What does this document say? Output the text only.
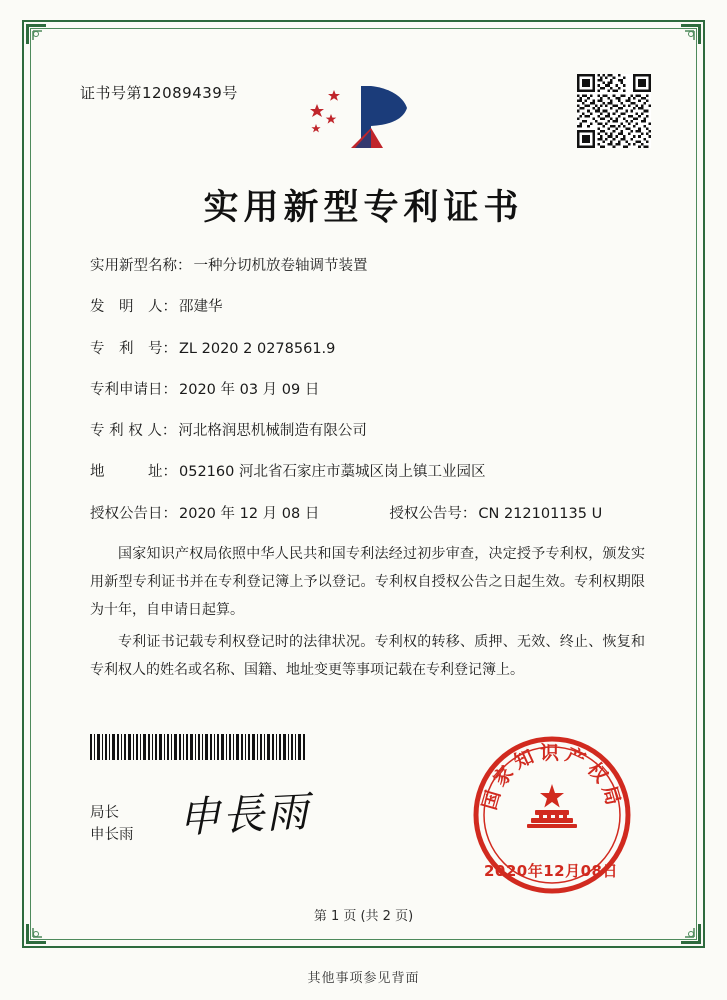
证书号第12089439号
实用新型专利证书
实用新型名称： 一种分切机放卷轴调节装置
发　明　人： 邵建华
专　利　号： ZL 2020 2 0278561.9
专利申请日： 2020 年 03 月 09 日
专 利 权 人： 河北格润思机械制造有限公司
地　　　址： 052160 河北省石家庄市藁城区岗上镇工业园区
授权公告日： 2020 年 12 月 08 日	授权公告号： CN 212101135 U

国家知识产权局依照中华人民共和国专利法经过初步审查，决定授予专利权，颁发实用新型专利证书并在专利登记簿上予以登记。专利权自授权公告之日起生效。专利权期限为十年，自申请日起算。

专利证书记载专利权登记时的法律状况。专利权的转移、质押、无效、终止、恢复和专利权人的姓名或名称、国籍、地址变更等事项记载在专利登记簿上。

申長雨
局长
申长雨
国家知识产权局
2020年12月08日
第 1 页 (共 2 页)
其他事项参见背面
